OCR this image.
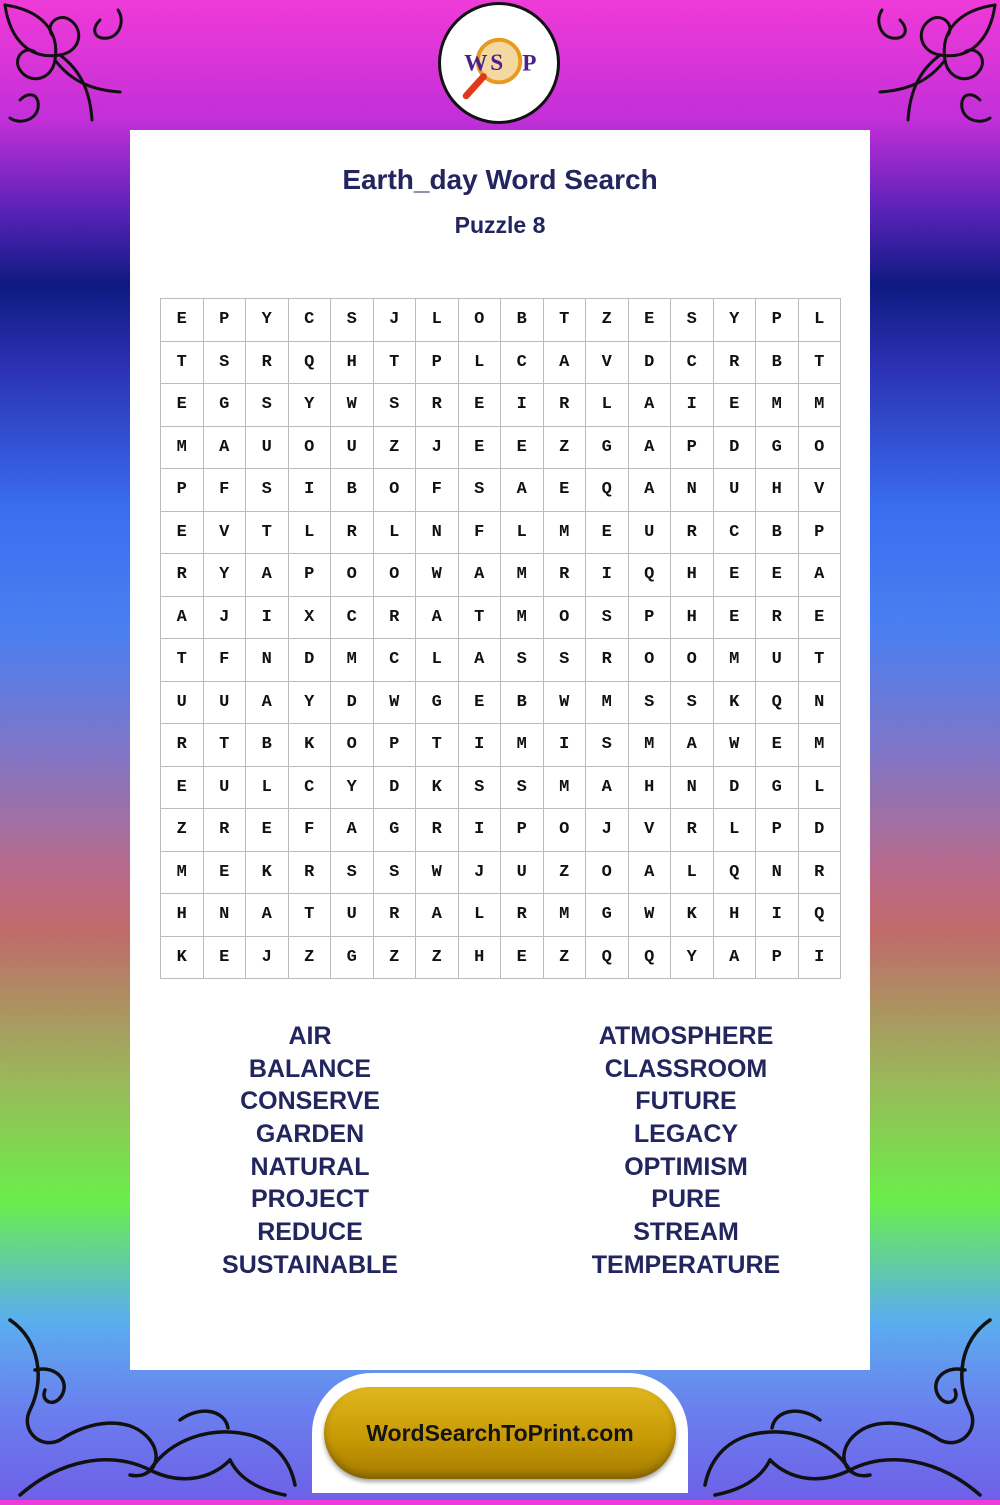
W S P
Earth_day Word Search
Puzzle 8
E	P	Y	C	S	J	L	O	B	T	Z	E	S	Y	P	L
T	S	R	Q	H	T	P	L	C	A	V	D	C	R	B	T
E	G	S	Y	W	S	R	E	I	R	L	A	I	E	M	M
M	A	U	O	U	Z	J	E	E	Z	G	A	P	D	G	O
P	F	S	I	B	O	F	S	A	E	Q	A	N	U	H	V
E	V	T	L	R	L	N	F	L	M	E	U	R	C	B	P
R	Y	A	P	O	O	W	A	M	R	I	Q	H	E	E	A
A	J	I	X	C	R	A	T	M	O	S	P	H	E	R	E
T	F	N	D	M	C	L	A	S	S	R	O	O	M	U	T
U	U	A	Y	D	W	G	E	B	W	M	S	S	K	Q	N
R	T	B	K	O	P	T	I	M	I	S	M	A	W	E	M
E	U	L	C	Y	D	K	S	S	M	A	H	N	D	G	L
Z	R	E	F	A	G	R	I	P	O	J	V	R	L	P	D
M	E	K	R	S	S	W	J	U	Z	O	A	L	Q	N	R
H	N	A	T	U	R	A	L	R	M	G	W	K	H	I	Q
K	E	J	Z	G	Z	Z	H	E	Z	Q	Q	Y	A	P	I
AIR
BALANCE
CONSERVE
GARDEN
NATURAL
PROJECT
REDUCE
SUSTAINABLE
ATMOSPHERE
CLASSROOM
FUTURE
LEGACY
OPTIMISM
PURE
STREAM
TEMPERATURE
WordSearchToPrint.com
